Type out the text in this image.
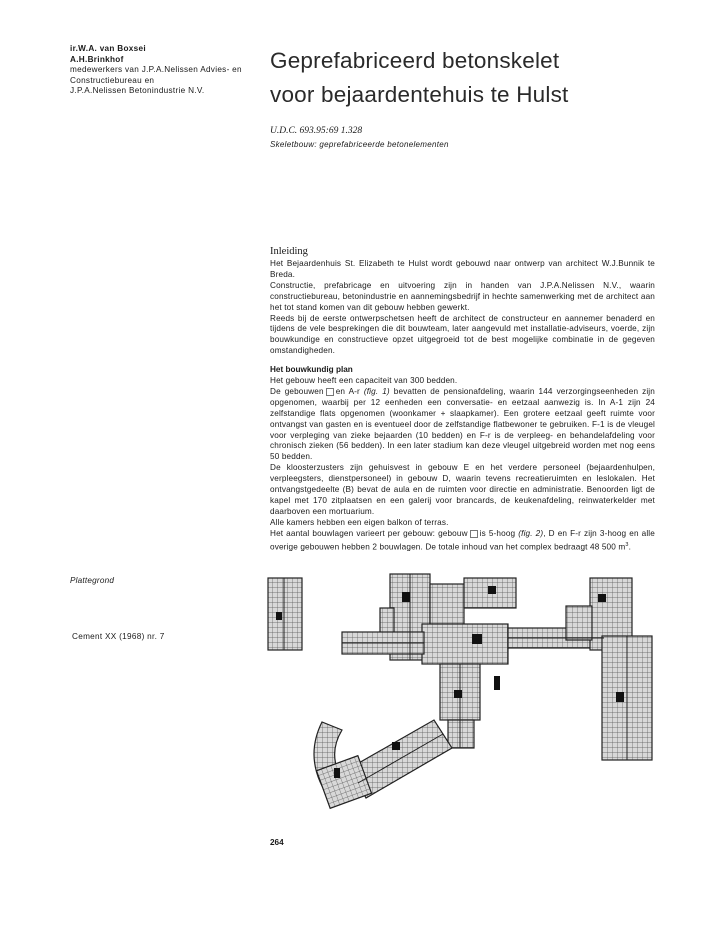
ir.W.A. van Boxsei
A.H.Brinkhof
medewerkers van J.P.A.Nelissen Advies- en
Constructiebureau en
J.P.A.Nelissen Betonindustrie N.V.
Geprefabriceerd betonskelet
voor bejaardentehuis te Hulst
U.D.C. 693.95:69 1.328
Skeletbouw: geprefabriceerde betonelementen
Inleiding

Het Bejaardenhuis St. Elizabeth te Hulst wordt gebouwd naar ontwerp van architect W.J.Bunnik te Breda.

Constructie, prefabricage en uitvoering zijn in handen van J.P.A.Nelissen N.V., waarin constructiebureau, betonindustrie en aannemingsbedrijf in hechte samenwerking met de architect aan het tot stand komen van dit gebouw hebben gewerkt.

Reeds bij de eerste ontwerpschetsen heeft de architect de constructeur en aannemer benaderd en tijdens de vele besprekingen die dit bouwteam, later aangevuld met installatie-adviseurs, voerde, zijn bouwkundige en constructieve opzet uitgegroeid tot de best mogelijke combinatie in de gegeven omstandigheden.

Het bouwkundig plan

Het gebouw heeft een capaciteit van 300 bedden.

De gebouwen en A-r (fig. 1) bevatten de pensionafdeling, waarin 144 verzorgingseenheden zijn opgenomen, waarbij per 12 eenheden een conversatie- en eetzaal aanwezig is. In A-1 zijn 24 zelfstandige flats opgenomen (woonkamer + slaapkamer). Een grotere eetzaal geeft ruimte voor ontvangst van gasten en is eventueel door de zelfstandige flatbewoner te gebruiken. F-1 is de vleugel voor verpleging van zieke bejaarden (10 bedden) en F-r is de verpleeg- en behandelafdeling voor chronisch zieken (56 bedden). In een later stadium kan deze vleugel uitgebreid worden met nog eens 50 bedden.

De kloosterzusters zijn gehuisvest in gebouw E en het verdere personeel (bejaardenhulpen, verpleegsters, dienstpersoneel) in gebouw D, waarin tevens recreatieruimten en leslokalen. Het ontvangstgedeelte (B) bevat de aula en de ruimten voor directie en administratie. Benoorden ligt de kapel met 170 zitplaatsen en een galerij voor brancards, de keukenafdeling, reinwaterkelder met daarboven een mortuarium.

Alle kamers hebben een eigen balkon of terras.

Het aantal bouwlagen varieert per gebouw: gebouw is 5-hoog (fig. 2), D en F-r zijn 3-hoog en alle overige gebouwen hebben 2 bouwlagen. De totale inhoud van het complex bedraagt 48 500 $m^3$.

Plattegrond
Cement XX (1968) nr. 7
264
